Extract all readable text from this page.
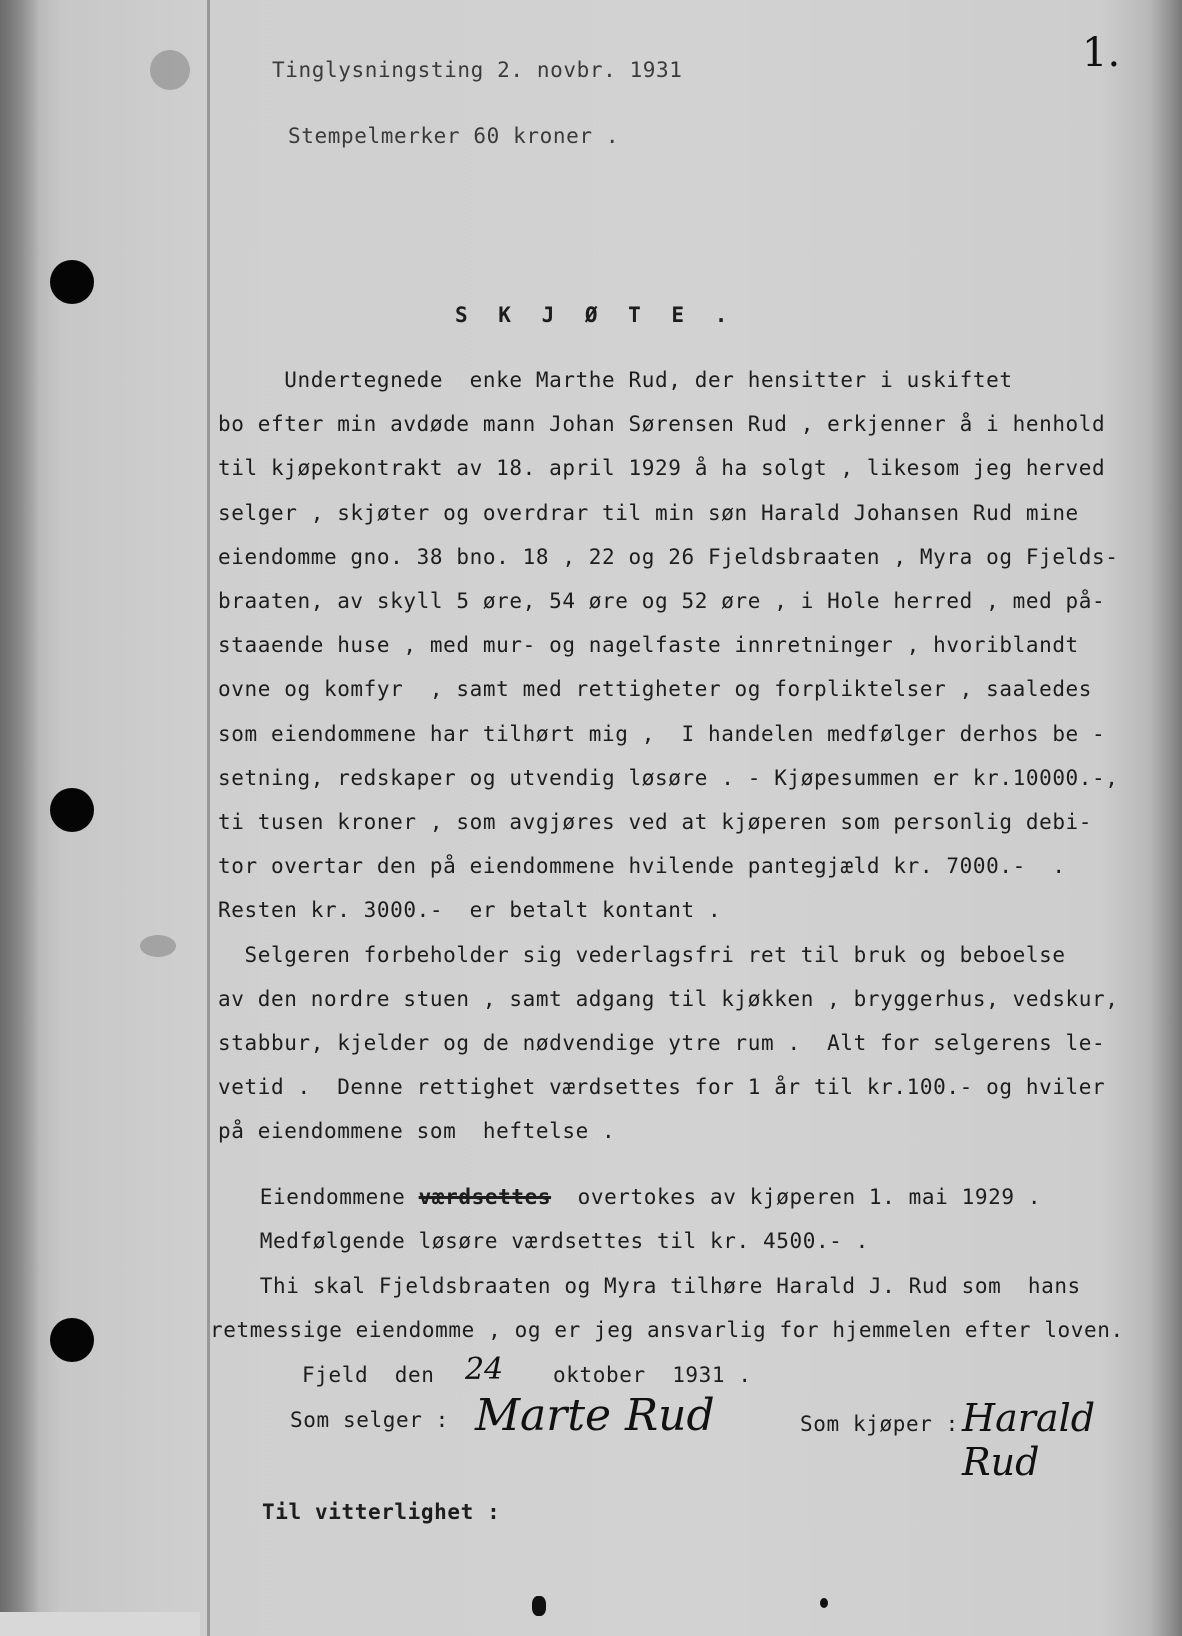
1.
Tinglysningsting 2. novbr. 1931
Stempelmerker 60 kroner .
S K J Ø T E .
Undertegnede  enke Marthe Rud, der hensitter i uskiftet
bo efter min avdøde mann Johan Sørensen Rud , erkjenner å i henhold
til kjøpekontrakt av 18. april 1929 å ha solgt , likesom jeg herved
selger , skjøter og overdrar til min søn Harald Johansen Rud mine
eiendomme gno. 38 bno. 18 , 22 og 26 Fjeldsbraaten , Myra og Fjelds-
braaten, av skyll 5 øre, 54 øre og 52 øre , i Hole herred , med på-
staaende huse , med mur- og nagelfaste innretninger , hvoriblandt
ovne og komfyr  , samt med rettigheter og forpliktelser , saaledes
som eiendommene har tilhørt mig ,  I handelen medfølger derhos be -
setning, redskaper og utvendig løsøre . - Kjøpesummen er kr.10000.-,
ti tusen kroner , som avgjøres ved at kjøperen som personlig debi-
tor overtar den på eiendommene hvilende pantegjæld kr. 7000.-  .
Resten kr. 3000.-  er betalt kontant .
Selgeren forbeholder sig vederlagsfri ret til bruk og beboelse
av den nordre stuen , samt adgang til kjøkken , bryggerhus, vedskur,
stabbur, kjelder og de nødvendige ytre rum .  Alt for selgerens le-
vetid .  Denne rettighet værdsettes for 1 år til kr.100.- og hviler
på eiendommene som  heftelse .
Eiendommene værdsettes  overtokes av kjøperen 1. mai 1929 .
Medfølgende løsøre værdsettes til kr. 4500.- .
Thi skal Fjeldsbraaten og Myra tilhøre Harald J. Rud som  hans
retmessige eiendomme , og er jeg ansvarlig for hjemmelen efter loven.
Fjeld  den 24 oktober  1931 .
Som selger : Marte Rud	Som kjøper : Harald Rud
Til vitterlighet :
